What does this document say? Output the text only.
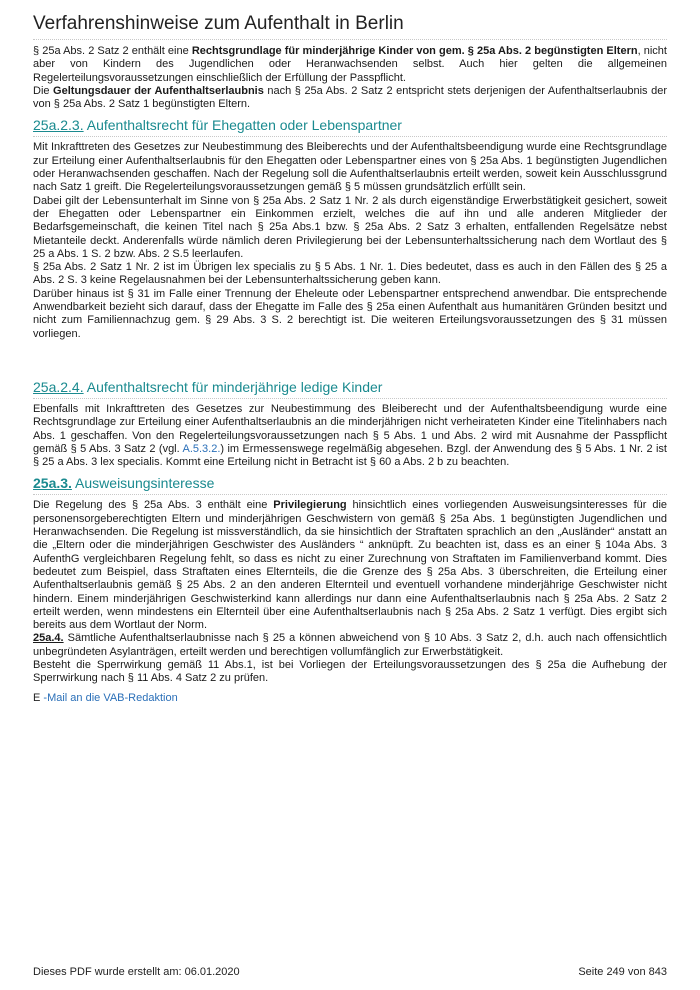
Verfahrenshinweise zum Aufenthalt in Berlin

§ 25a Abs. 2 Satz 2 enthält eine Rechtsgrundlage für minderjährige Kinder von gem. § 25a Abs. 2 begünstigten Eltern, nicht aber von Kindern des Jugendlichen oder Heranwachsenden selbst. Auch hier gelten die allgemeinen Regelerteilungsvoraussetzungen einschließlich der Erfüllung der Passpflicht.

Die Geltungsdauer der Aufenthaltserlaubnis nach § 25a Abs. 2 Satz 2 entspricht stets derjenigen der Aufenthaltserlaubnis der von § 25a Abs. 2 Satz 1 begünstigten Eltern.

25a.2.3. Aufenthaltsrecht für Ehegatten oder Lebenspartner

Mit Inkrafttreten des Gesetzes zur Neubestimmung des Bleiberechts und der Aufenthaltsbeendigung wurde eine Rechtsgrundlage zur Erteilung einer Aufenthaltserlaubnis für den Ehegatten oder Lebenspartner eines von § 25a Abs. 1 begünstigten Jugendlichen oder Heranwachsenden geschaffen. Nach der Regelung soll die Aufenthaltserlaubnis erteilt werden, soweit kein Ausschlussgrund nach Satz 1 greift. Die Regelerteilungsvoraussetzungen gemäß § 5 müssen grundsätzlich erfüllt sein.

Dabei gilt der Lebensunterhalt im Sinne von § 25a Abs. 2 Satz 1 Nr. 2 als durch eigenständige Erwerbstätigkeit gesichert, soweit der Ehegatten oder Lebenspartner ein Einkommen erzielt, welches die auf ihn und alle anderen Mitglieder der Bedarfsgemeinschaft, die keinen Titel nach § 25a Abs.1 bzw. § 25a Abs. 2 Satz 3 erhalten, entfallenden Regelsätze nebst Mietanteile deckt. Anderenfalls würde nämlich deren Privilegierung bei der Lebensunterhaltssicherung nach dem Wortlaut des § 25 a Abs. 1 S. 2 bzw. Abs. 2 S.5 leerlaufen.

§ 25a Abs. 2 Satz 1 Nr. 2 ist im Übrigen lex specialis zu § 5 Abs. 1 Nr. 1. Dies bedeutet, dass es auch in den Fällen des § 25 a Abs. 2 S. 3 keine Regelausnahmen bei der Lebensunterhaltssicherung geben kann.

Darüber hinaus ist § 31 im Falle einer Trennung der Eheleute oder Lebenspartner entsprechend anwendbar. Die entsprechende Anwendbarkeit bezieht sich darauf, dass der Ehegatte im Falle des § 25a einen Aufenthalt aus humanitären Gründen besitzt und nicht zum Familiennachzug gem. § 29 Abs. 3 S. 2 berechtigt ist. Die weiteren Erteilungsvoraussetzungen des § 31 müssen vorliegen.

25a.2.4. Aufenthaltsrecht für minderjährige ledige Kinder

Ebenfalls mit Inkrafttreten des Gesetzes zur Neubestimmung des Bleiberecht und der Aufenthaltsbeendigung wurde eine Rechtsgrundlage zur Erteilung einer Aufenthaltserlaubnis an die minderjährigen nicht verheirateten Kinder eine Titelinhabers nach Abs. 1 geschaffen. Von den Regelerteilungsvoraussetzungen nach § 5 Abs. 1 und Abs. 2 wird mit Ausnahme der Passpflicht gemäß § 5 Abs. 3 Satz 2 (vgl. A.5.3.2.) im Ermessenswege regelmäßig abgesehen. Bzgl. der Anwendung des § 5 Abs. 1 Nr. 2 ist § 25 a Abs. 3 lex specialis. Kommt eine Erteilung nicht in Betracht ist § 60 a Abs. 2 b zu beachten.

25a.3. Ausweisungsinteresse

Die Regelung des § 25a Abs. 3 enthält eine Privilegierung hinsichtlich eines vorliegenden Ausweisungsinteresses für die personensorgeberechtigten Eltern und minderjährigen Geschwistern von gemäß § 25a Abs. 1 begünstigten Jugendlichen und Heranwachsenden. Die Regelung ist missverständlich, da sie hinsichtlich der Straftaten sprachlich an den „Ausländer“ anstatt an die „Eltern oder die minderjährigen Geschwister des Ausländers “ anknüpft. Zu beachten ist, dass es an einer § 104a Abs. 3 AufenthG vergleichbaren Regelung fehlt, so dass es nicht zu einer Zurechnung von Straftaten im Familienverband kommt. Dies bedeutet zum Beispiel, dass Straftaten eines Elternteils, die die Grenze des § 25a Abs. 3 überschreiten, die Erteilung einer Aufenthaltserlaubnis gemäß § 25 Abs. 2 an den anderen Elternteil und eventuell vorhandene minderjährige Geschwister nicht hindern. Einem minderjährigen Geschwisterkind kann allerdings nur dann eine Aufenthaltserlaubnis nach § 25a Abs. 2 Satz 2 erteilt werden, wenn mindestens ein Elternteil über eine Aufenthaltserlaubnis nach § 25a Abs. 2 Satz 1 verfügt. Dies ergibt sich bereits aus dem Wortlaut der Norm.

25a.4. Sämtliche Aufenthaltserlaubnisse nach § 25 a können abweichend von § 10 Abs. 3 Satz 2, d.h. auch nach offensichtlich unbegründeten Asylanträgen, erteilt werden und berechtigen vollumfänglich zur Erwerbstätigkeit.

Besteht die Sperrwirkung gemäß 11 Abs.1, ist bei Vorliegen der Erteilungsvoraussetzungen des § 25a die Aufhebung der Sperrwirkung nach § 11 Abs. 4 Satz 2 zu prüfen.

E -Mail an die VAB-Redaktion
Dieses PDF wurde erstellt am: 06.01.2020	Seite 249 von 843
